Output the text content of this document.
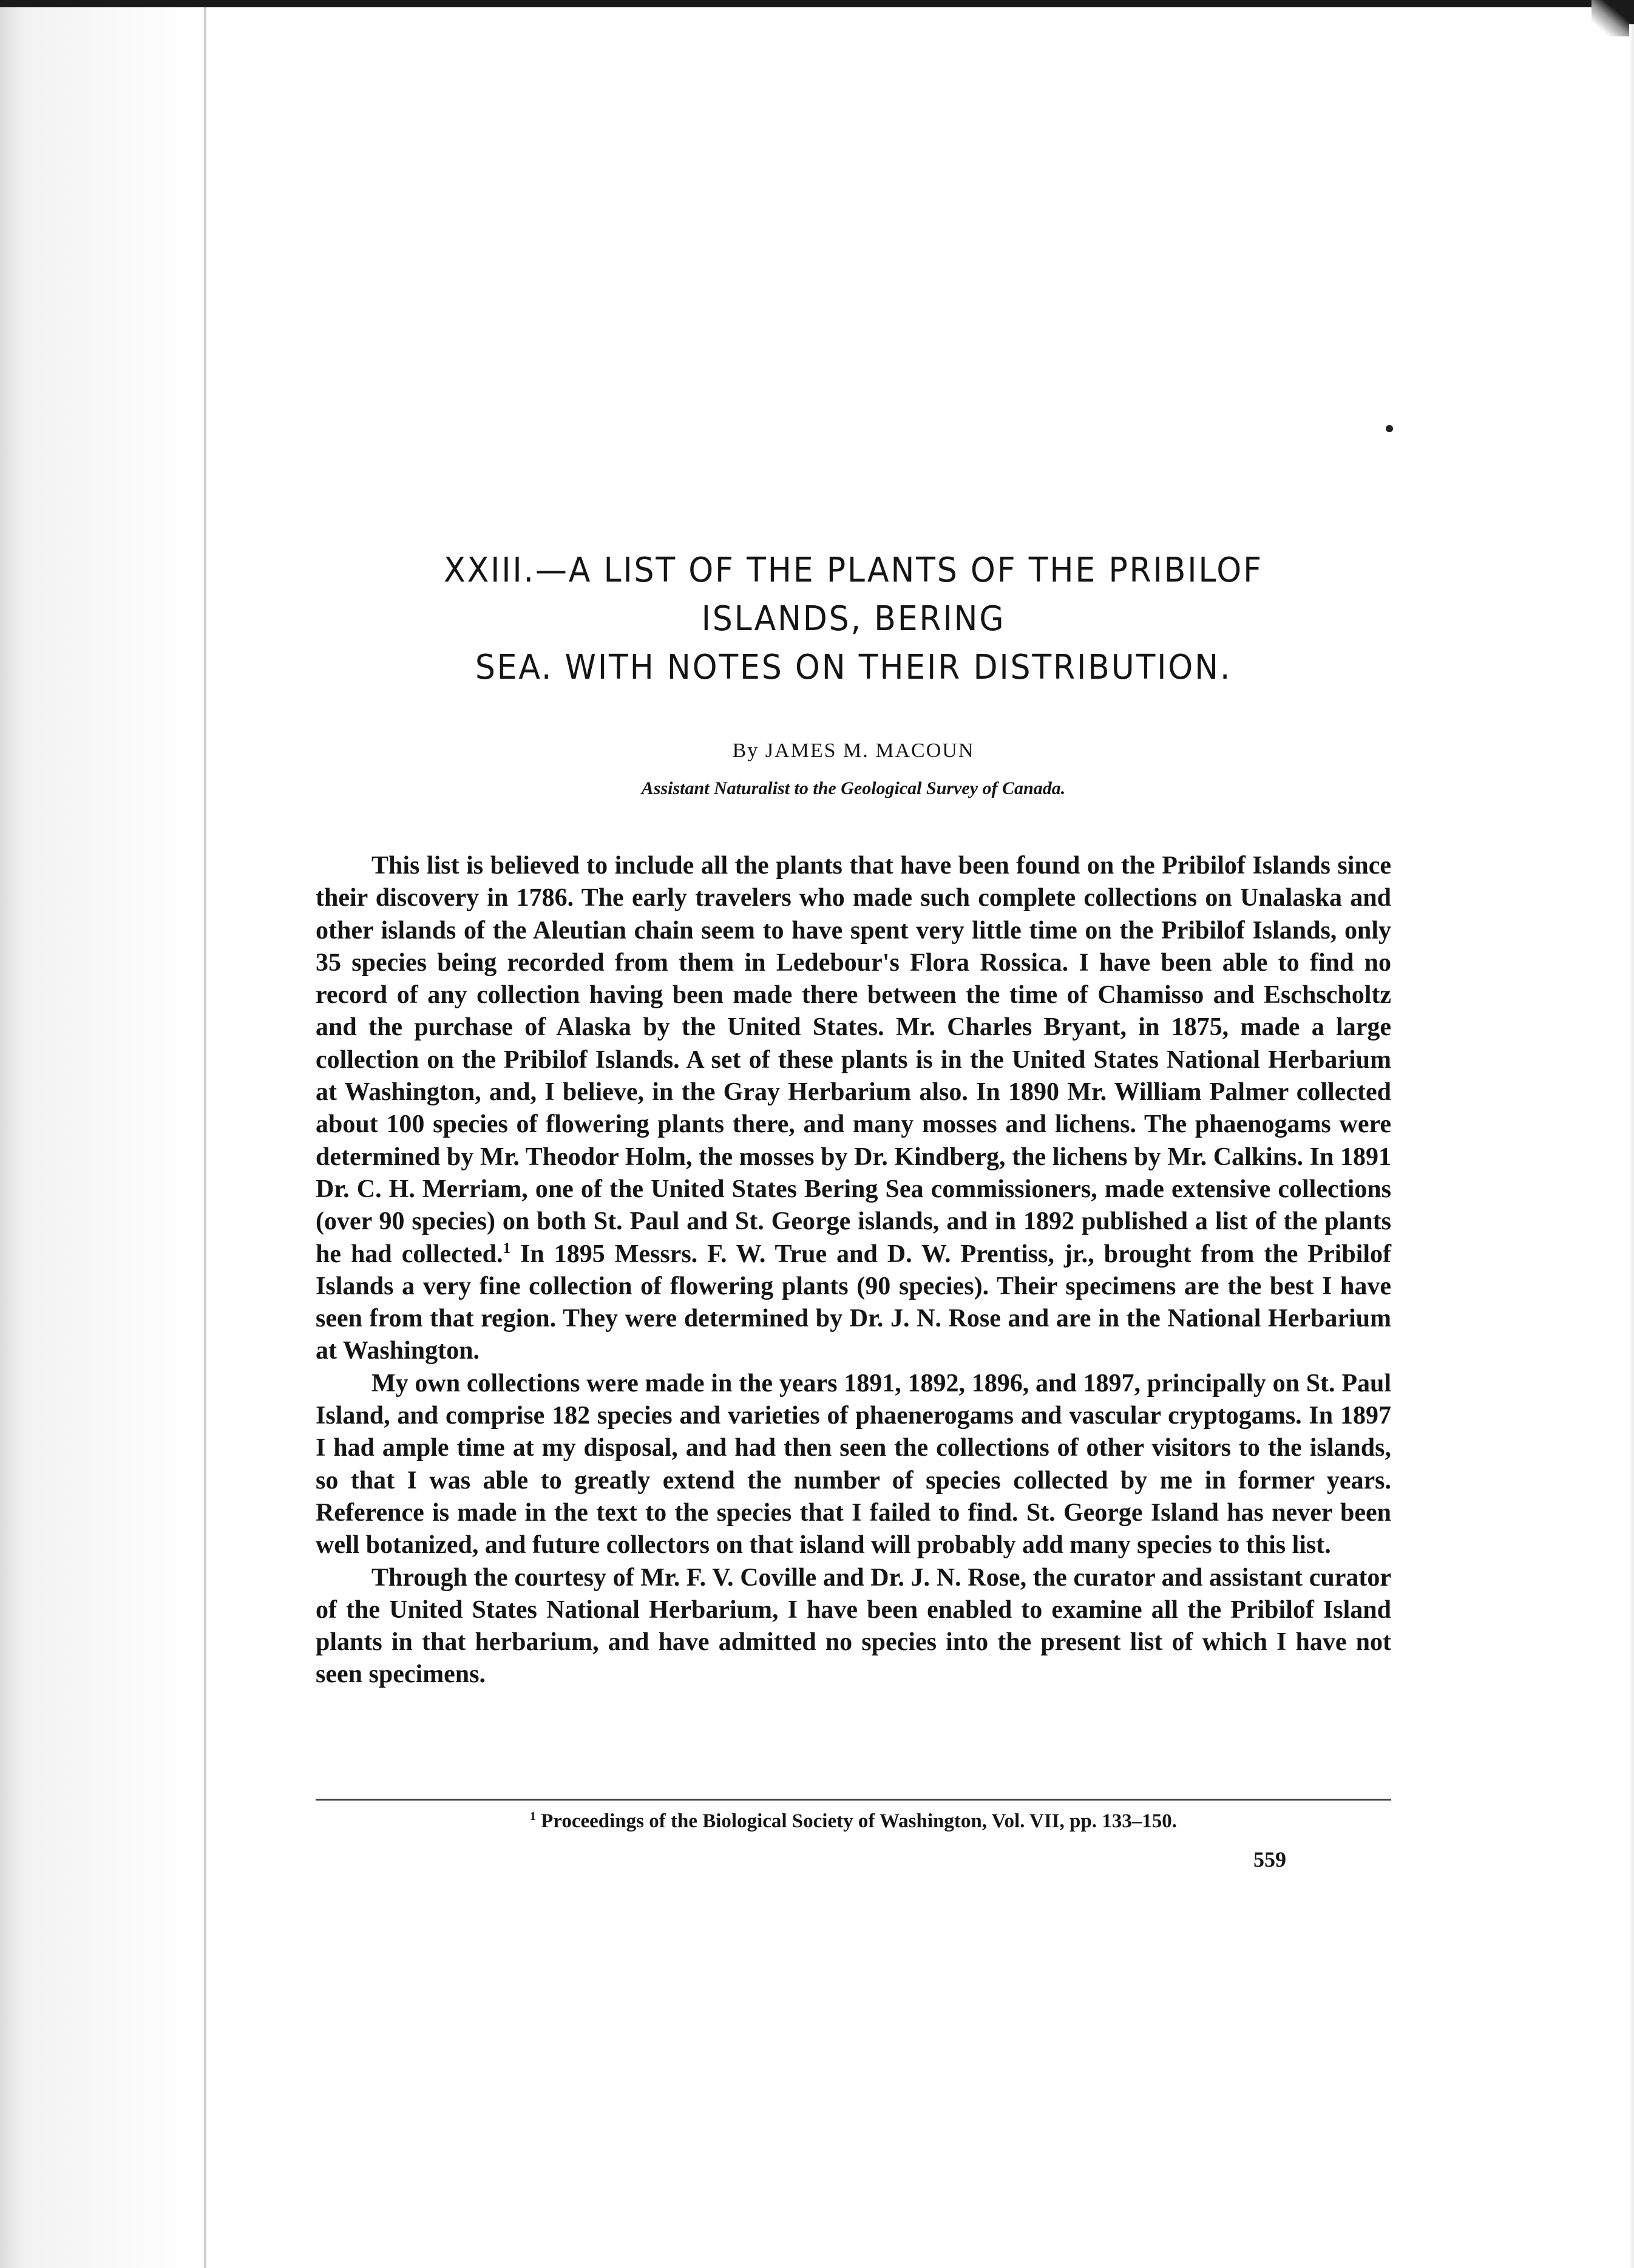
XXIII.—A LIST OF THE PLANTS OF THE PRIBILOF ISLANDS, BERING
SEA. WITH NOTES ON THEIR DISTRIBUTION.
By JAMES M. MACOUN
Assistant Naturalist to the Geological Survey of Canada.

This list is believed to include all the plants that have been found on the Pribilof Islands since their discovery in 1786. The early travelers who made such complete collections on Unalaska and other islands of the Aleutian chain seem to have spent very little time on the Pribilof Islands, only 35 species being recorded from them in Ledebour's Flora Rossica. I have been able to find no record of any collection having been made there between the time of Chamisso and Eschscholtz and the purchase of Alaska by the United States. Mr. Charles Bryant, in 1875, made a large collection on the Pribilof Islands. A set of these plants is in the United States National Herbarium at Washington, and, I believe, in the Gray Herbarium also. In 1890 Mr. William Palmer collected about 100 species of flowering plants there, and many mosses and lichens. The phaenogams were determined by Mr. Theodor Holm, the mosses by Dr. Kindberg, the lichens by Mr. Calkins. In 1891 Dr. C. H. Merriam, one of the United States Bering Sea commissioners, made extensive collections (over 90 species) on both St. Paul and St. George islands, and in 1892 published a list of the plants he had collected.$^1$ In 1895 Messrs. F. W. True and D. W. Prentiss, jr., brought from the Pribilof Islands a very fine collection of flowering plants (90 species). Their specimens are the best I have seen from that region. They were determined by Dr. J. N. Rose and are in the National Herbarium at Washington.

My own collections were made in the years 1891, 1892, 1896, and 1897, principally on St. Paul Island, and comprise 182 species and varieties of phaenerogams and vascular cryptogams. In 1897 I had ample time at my disposal, and had then seen the collections of other visitors to the islands, so that I was able to greatly extend the number of species collected by me in former years. Reference is made in the text to the species that I failed to find. St. George Island has never been well botanized, and future collectors on that island will probably add many species to this list.

Through the courtesy of Mr. F. V. Coville and Dr. J. N. Rose, the curator and assistant curator of the United States National Herbarium, I have been enabled to examine all the Pribilof Island plants in that herbarium, and have admitted no species into the present list of which I have not seen specimens.

$^1$ Proceedings of the Biological Society of Washington, Vol. VII, pp. 133–150.
559
